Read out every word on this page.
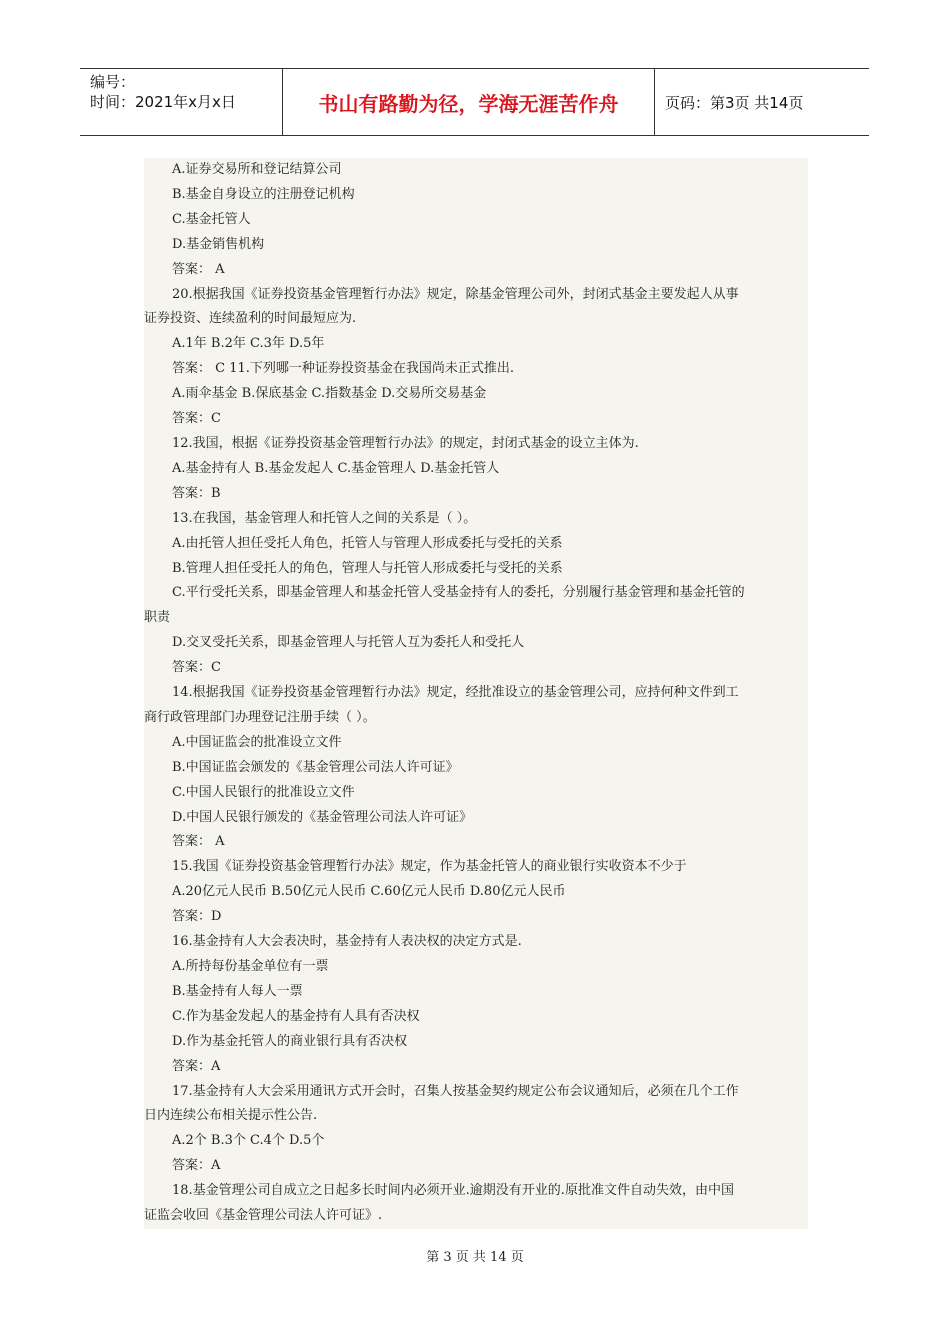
编号：
时间：2021年x月x日	书山有路勤为径，学海无涯苦作舟	页码：第3页 共14页
A.证券交易所和登记结算公司
B.基金自身设立的注册登记机构
C.基金托管人
D.基金销售机构
答案： A
20.根据我国《证券投资基金管理暂行办法》规定，除基金管理公司外，封闭式基金主要发起人从事
证券投资、连续盈利的时间最短应为.
A.1年 B.2年 C.3年 D.5年
答案： C 11.下列哪一种证券投资基金在我国尚未正式推出.
A.雨伞基金 B.保底基金 C.指数基金 D.交易所交易基金
答案：C
12.我国，根据《证券投资基金管理暂行办法》的规定，封闭式基金的设立主体为.
A.基金持有人 B.基金发起人 C.基金管理人 D.基金托管人
答案：B
13.在我国，基金管理人和托管人之间的关系是（ ）。
A.由托管人担任受托人角色，托管人与管理人形成委托与受托的关系
B.管理人担任受托人的角色，管理人与托管人形成委托与受托的关系
C.平行受托关系，即基金管理人和基金托管人受基金持有人的委托，分别履行基金管理和基金托管的
职责
D.交叉受托关系，即基金管理人与托管人互为委托人和受托人
答案：C
14.根据我国《证券投资基金管理暂行办法》规定，经批准设立的基金管理公司，应持何种文件到工
商行政管理部门办理登记注册手续（ ）。
A.中国证监会的批准设立文件
B.中国证监会颁发的《基金管理公司法人许可证》
C.中国人民银行的批准设立文件
D.中国人民银行颁发的《基金管理公司法人许可证》
答案： A
15.我国《证券投资基金管理暂行办法》规定，作为基金托管人的商业银行实收资本不少于
A.20亿元人民币 B.50亿元人民币 C.60亿元人民币 D.80亿元人民币
答案：D
16.基金持有人大会表决时，基金持有人表决权的决定方式是.
A.所持每份基金单位有一票
B.基金持有人每人一票
C.作为基金发起人的基金持有人具有否决权
D.作为基金托管人的商业银行具有否决权
答案：A
17.基金持有人大会采用通讯方式开会时，召集人按基金契约规定公布会议通知后，必须在几个工作
日内连续公布相关提示性公告.
A.2个 B.3个 C.4个 D.5个
答案：A
18.基金管理公司自成立之日起多长时间内必须开业.逾期没有开业的.原批准文件自动失效，由中国
证监会收回《基金管理公司法人许可证》.
第 3 页 共 14 页
